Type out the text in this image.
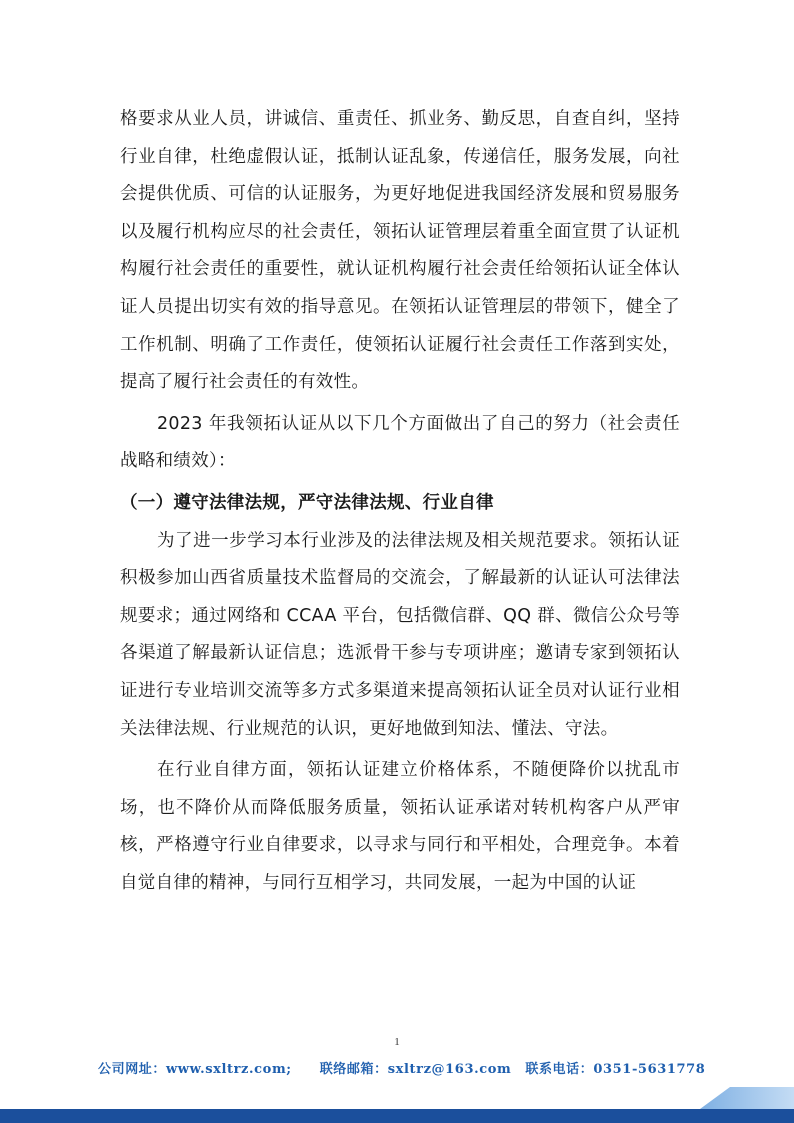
格要求从业人员，讲诚信、重责任、抓业务、勤反思，自查自纠，坚持行业自律，杜绝虚假认证，抵制认证乱象，传递信任，服务发展，向社会提供优质、可信的认证服务，为更好地促进我国经济发展和贸易服务以及履行机构应尽的社会责任，领拓认证管理层着重全面宣贯了认证机构履行社会责任的重要性，就认证机构履行社会责任给领拓认证全体认证人员提出切实有效的指导意见。在领拓认证管理层的带领下，健全了工作机制、明确了工作责任，使领拓认证履行社会责任工作落到实处，提高了履行社会责任的有效性。

2023 年我领拓认证从以下几个方面做出了自己的努力（社会责任战略和绩效）：

（一）遵守法律法规，严守法律法规、行业自律

为了进一步学习本行业涉及的法律法规及相关规范要求。领拓认证积极参加山西省质量技术监督局的交流会，了解最新的认证认可法律法规要求；通过网络和 CCAA 平台，包括微信群、QQ 群、微信公众号等各渠道了解最新认证信息；选派骨干参与专项讲座；邀请专家到领拓认证进行专业培训交流等多方式多渠道来提高领拓认证全员对认证行业相关法律法规、行业规范的认识，更好地做到知法、懂法、守法。

在行业自律方面，领拓认证建立价格体系，不随便降价以扰乱市场，也不降价从而降低服务质量，领拓认证承诺对转机构客户从严审核，严格遵守行业自律要求，以寻求与同行和平相处，合理竞争。本着自觉自律的精神，与同行互相学习，共同发展，一起为中国的认证

1
公司网址：www.sxltrz.com; 联络邮箱：sxltrz@163.com 联系电话：0351-5631778
